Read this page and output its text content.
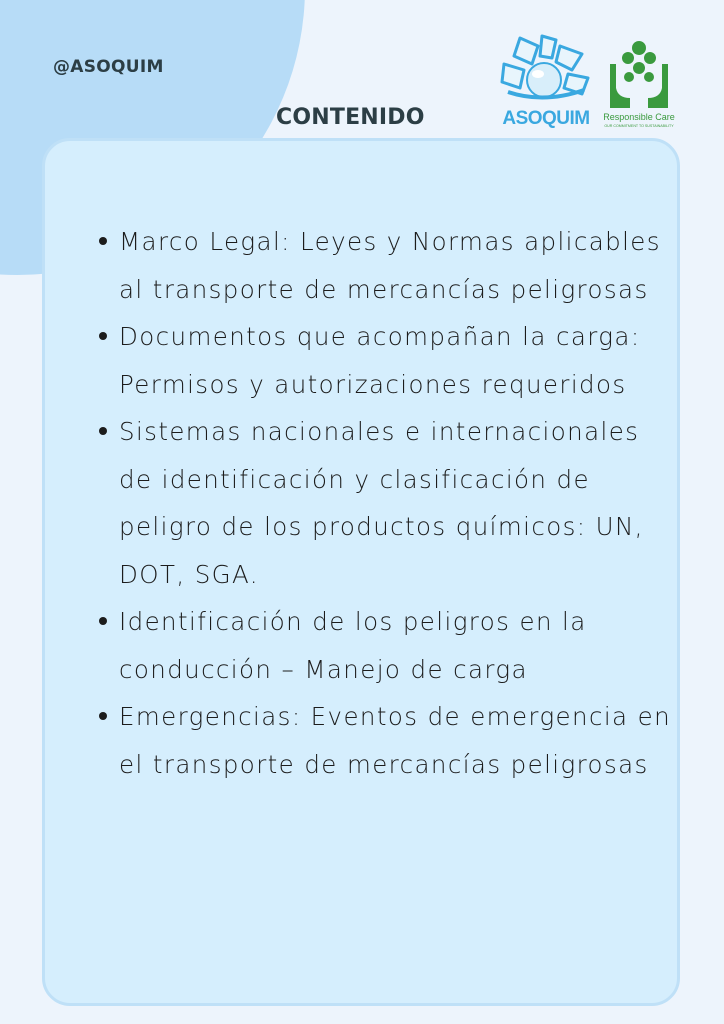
@ASOQUIM
CONTENIDO	ASOQUIM Responsible Care
OUR COMMITMENT TO SUSTAINABILITY
Marco Legal: Leyes y Normas aplicables al transporte de mercancías peligrosas
Documentos que acompañan la carga: Permisos y autorizaciones requeridos
Sistemas nacionales e internacionales de identificación y clasificación de peligro de los productos químicos: UN, DOT, SGA.
Identificación de los peligros en la conducción – Manejo de carga
Emergencias: Eventos de emergencia en el transporte de mercancías peligrosas
